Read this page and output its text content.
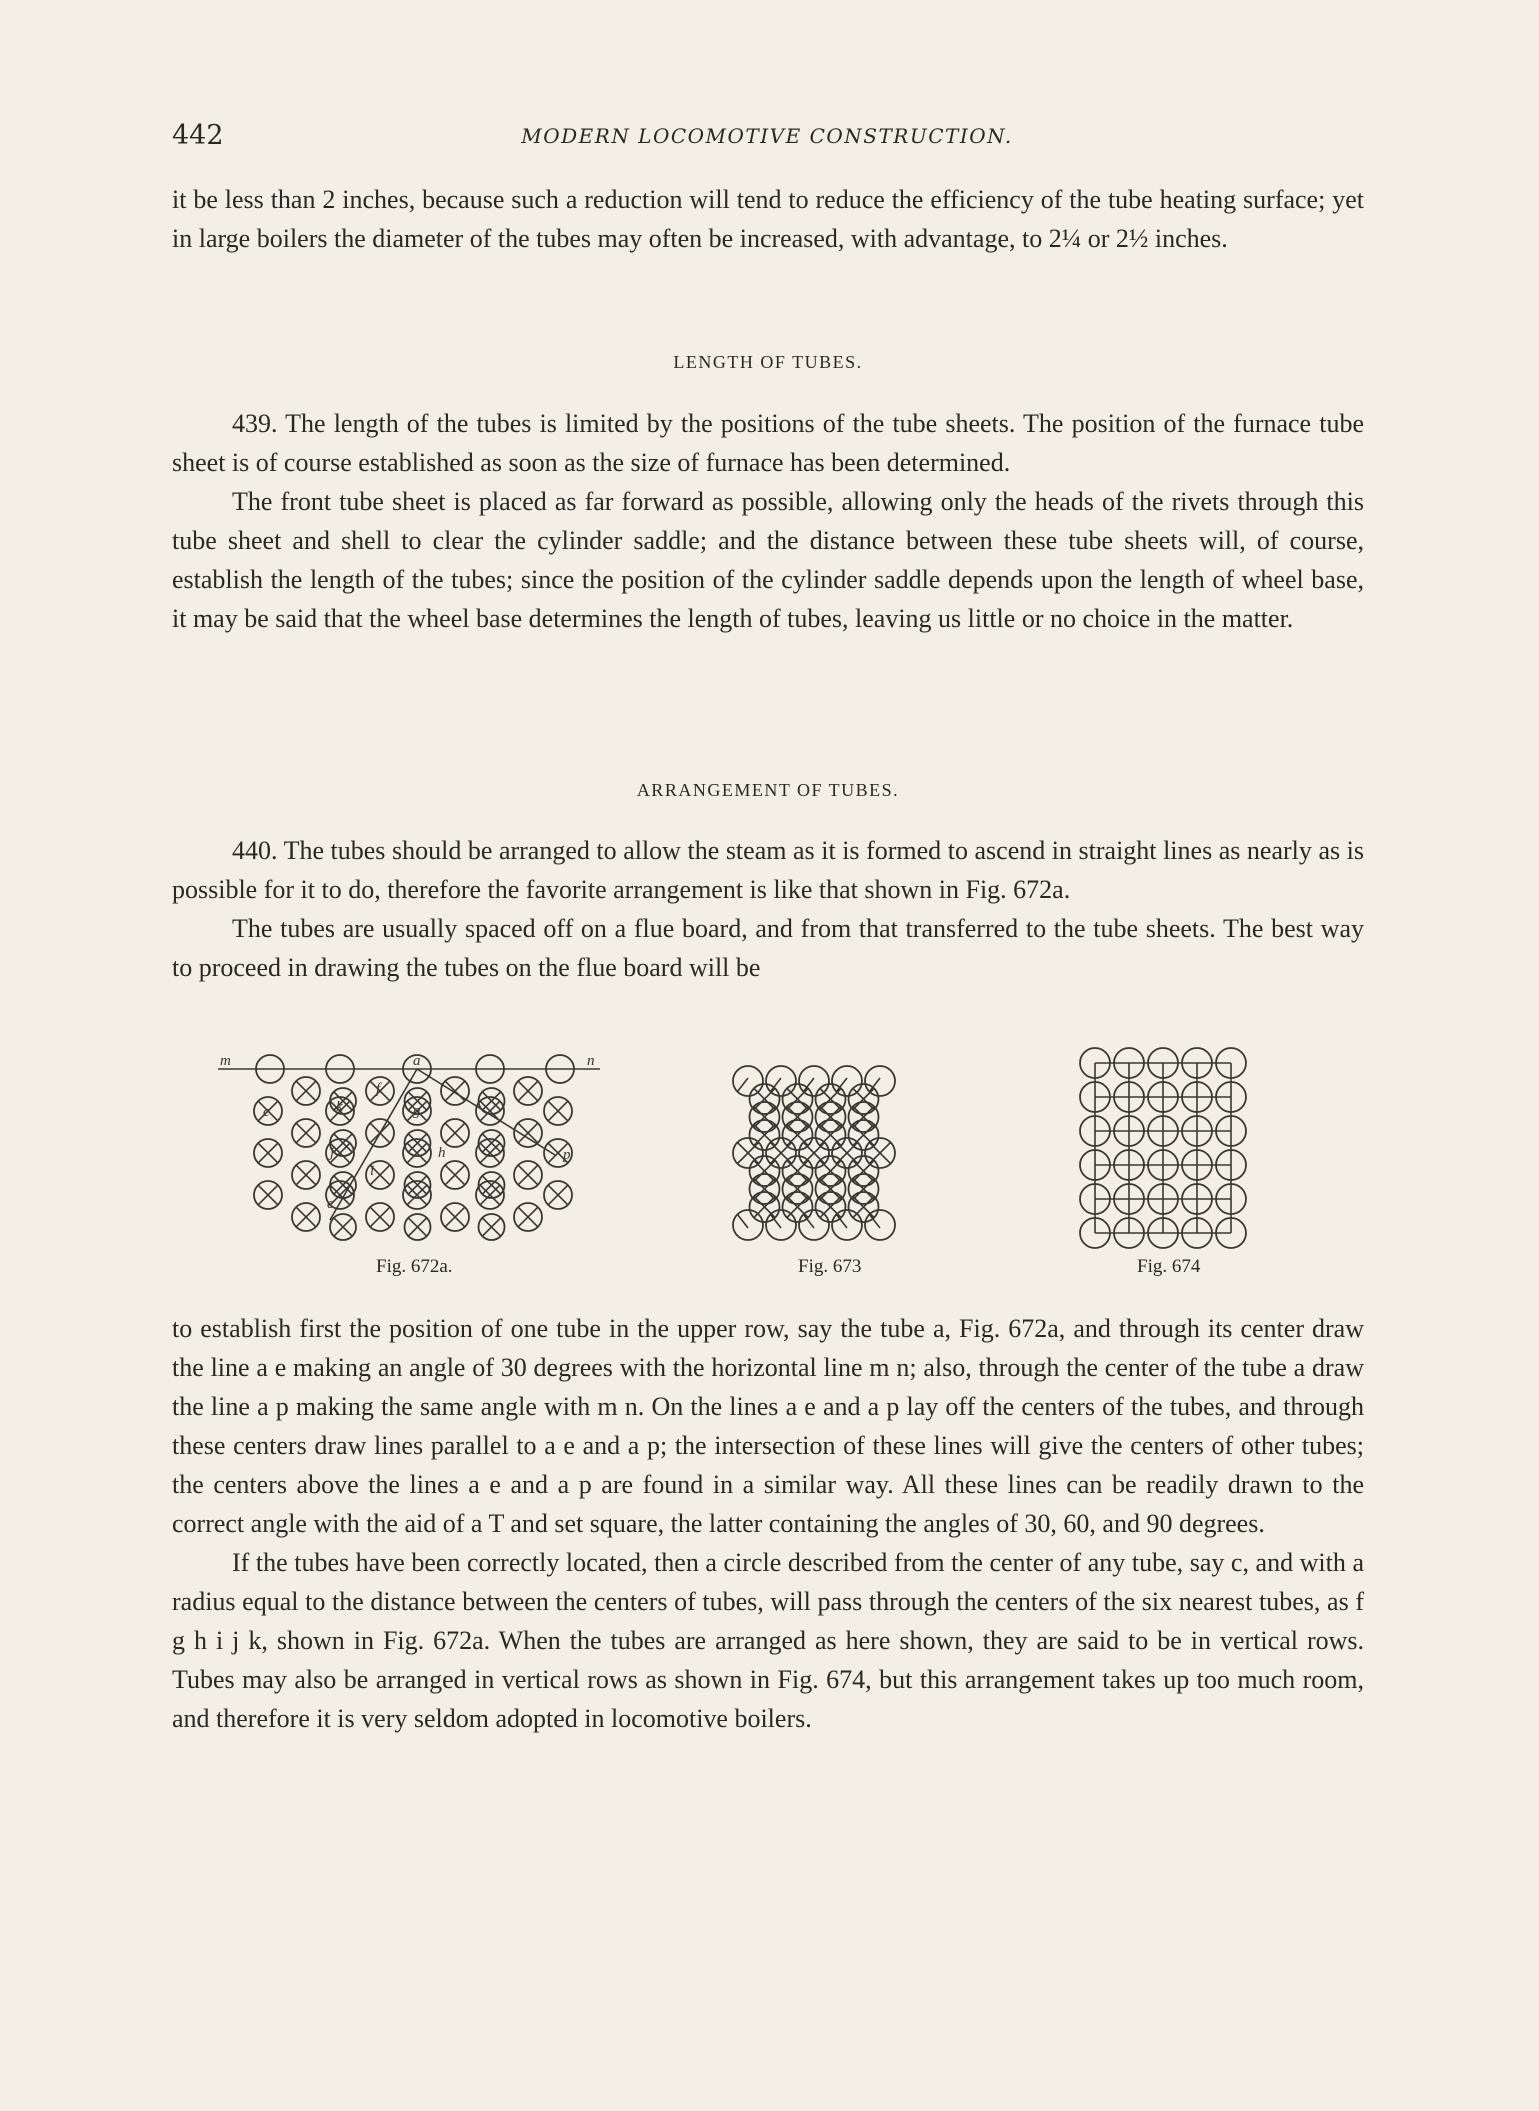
442	MODERN LOCOMOTIVE CONSTRUCTION.

it be less than 2 inches, because such a reduction will tend to reduce the efficiency of the tube heating surface; yet in large boilers the diameter of the tubes may often be increased, with advantage, to 2¼ or 2½ inches.

LENGTH OF TUBES.

439. The length of the tubes is limited by the positions of the tube sheets. The position of the furnace tube sheet is of course established as soon as the size of furnace has been determined.

The front tube sheet is placed as far forward as possible, allowing only the heads of the rivets through this tube sheet and shell to clear the cylinder saddle; and the distance between these tube sheets will, of course, establish the length of the tubes; since the position of the cylinder saddle depends upon the length of wheel base, it may be said that the wheel base determines the length of tubes, leaving us little or no choice in the matter.

ARRANGEMENT OF TUBES.

440. The tubes should be arranged to allow the steam as it is formed to ascend in straight lines as nearly as is possible for it to do, therefore the favorite arrangement is like that shown in Fig. 672a.

The tubes are usually spaced off on a flue board, and from that transferred to the tube sheets. The best way to proceed in drawing the tubes on the flue board will be

m	n
a
c
e
f
g
h
i
j
k
p
Fig. 672a.	Fig. 673	Fig. 674

to establish first the position of one tube in the upper row, say the tube a, Fig. 672a, and through its center draw the line a e making an angle of 30 degrees with the horizontal line m n; also, through the center of the tube a draw the line a p making the same angle with m n. On the lines a e and a p lay off the centers of the tubes, and through these centers draw lines parallel to a e and a p; the intersection of these lines will give the centers of other tubes; the centers above the lines a e and a p are found in a similar way. All these lines can be readily drawn to the correct angle with the aid of a T and set square, the latter containing the angles of 30, 60, and 90 degrees.

If the tubes have been correctly located, then a circle described from the center of any tube, say c, and with a radius equal to the distance between the centers of tubes, will pass through the centers of the six nearest tubes, as f g h i j k, shown in Fig. 672a. When the tubes are arranged as here shown, they are said to be in vertical rows. Tubes may also be arranged in vertical rows as shown in Fig. 674, but this arrangement takes up too much room, and therefore it is very seldom adopted in locomotive boilers.
